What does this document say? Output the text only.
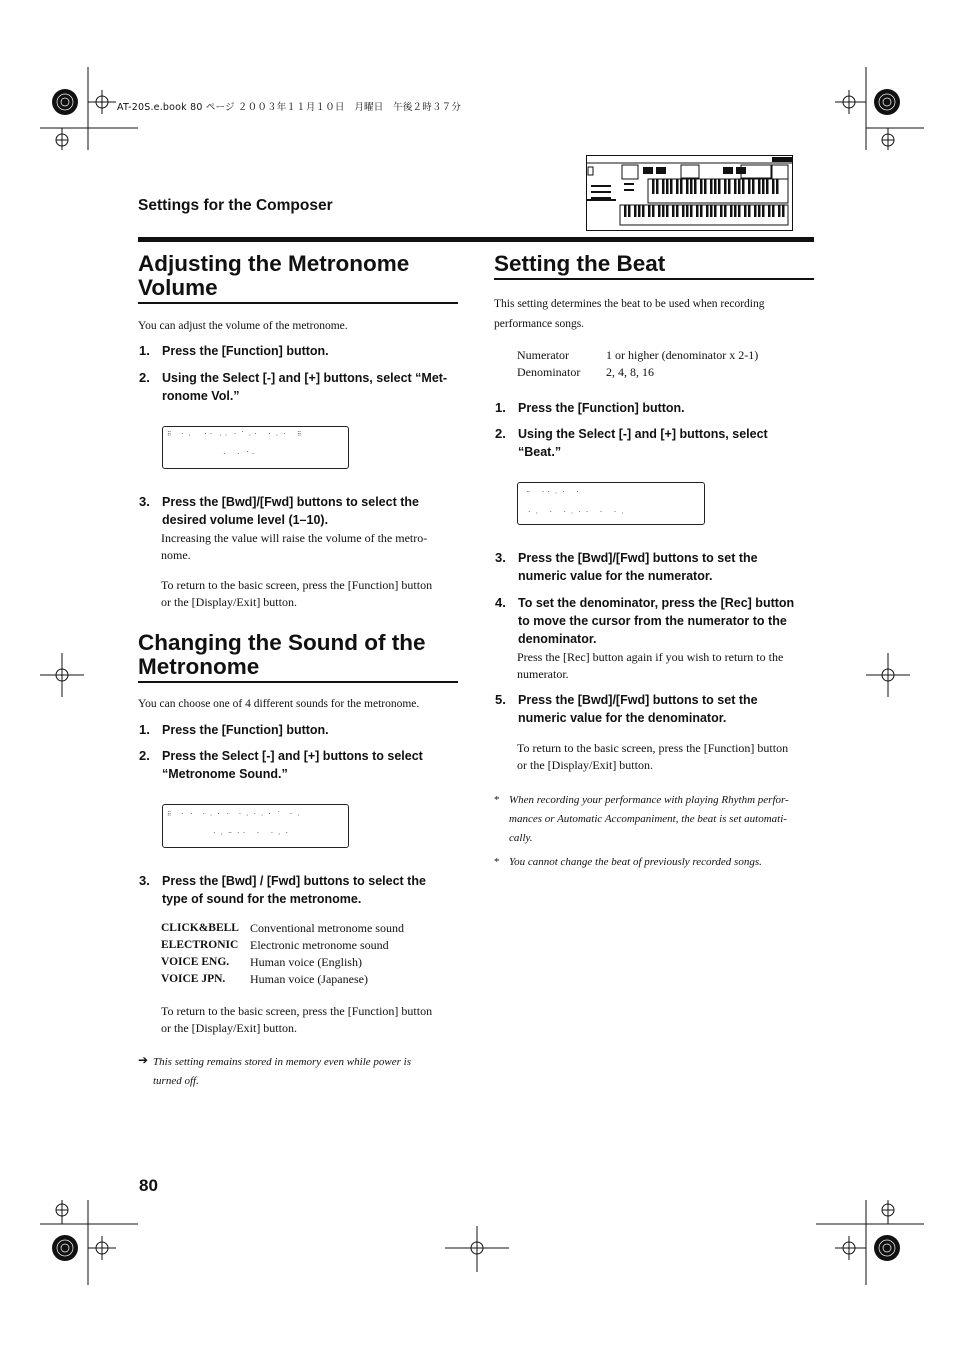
AT-20S.e.book 80 ページ ２００３年１１月１０日　月曜日　午後２時３７分
Settings for the Composer
Adjusting the Metronome
Volume
You can adjust the volume of the metronome.
1. Press the [Function] button.
2. Using the Select [-] and [+] buttons, select “Met-
ronome Vol.”
⠿ ⠂⠄ ⠐⠂⠠⠄⠐⠈⠠⠂ ⠂⠄⠂ ⠿
⠂ ⠂⠈⠂
3. Press the [Bwd]/[Fwd] buttons to select the
desired volume level (1–10).
Increasing the value will raise the volume of the metro-
nome.
To return to the basic screen, press the [Function] button
or the [Display/Exit] button.
Changing the Sound of the
Metronome
You can choose one of 4 different sounds for the metronome.
1. Press the [Function] button.
2. Press the Select [-] and [+] buttons to select
“Metronome Sound.”
⠿ ⠂⠐ ⠂⠄⠂⠐ ⠂⠄⠂⠄⠂⠈ ⠂⠄
⠂⠄⠒⠐⠂ ⠂ ⠂⠄⠂
3. Press the [Bwd] / [Fwd] buttons to select the
type of sound for the metronome.
CLICK&BELL	Conventional metronome sound
ELECTRONIC	Electronic metronome sound
VOICE ENG.	Human voice (English)
VOICE JPN.	Human voice (Japanese)
To return to the basic screen, press the [Function] button
or the [Display/Exit] button.
➔ This setting remains stored in memory even while power is
turned off.
Setting the Beat
This setting determines the beat to be used when recording
performance songs.
Numerator	1 or higher (denominator x 2-1)
Denominator	2, 4, 8, 16
1. Press the [Function] button.
2. Using the Select [-] and [+] buttons, select
“Beat.”
⠒ ⠐⠂⠄⠂ ⠂
⠂⠄ ⠂ ⠂⠄⠂⠂ ⠂ ⠂⠄
3. Press the [Bwd]/[Fwd] buttons to set the
numeric value for the numerator.
4. To set the denominator, press the [Rec] button
to move the cursor from the numerator to the
denominator.
Press the [Rec] button again if you wish to return to the
numerator.
5. Press the [Bwd]/[Fwd] buttons to set the
numeric value for the denominator.
To return to the basic screen, press the [Function] button
or the [Display/Exit] button.
* When recording your performance with playing Rhythm perfor-
mances or Automatic Accompaniment, the beat is set automati-
cally.
* You cannot change the beat of previously recorded songs.
80
